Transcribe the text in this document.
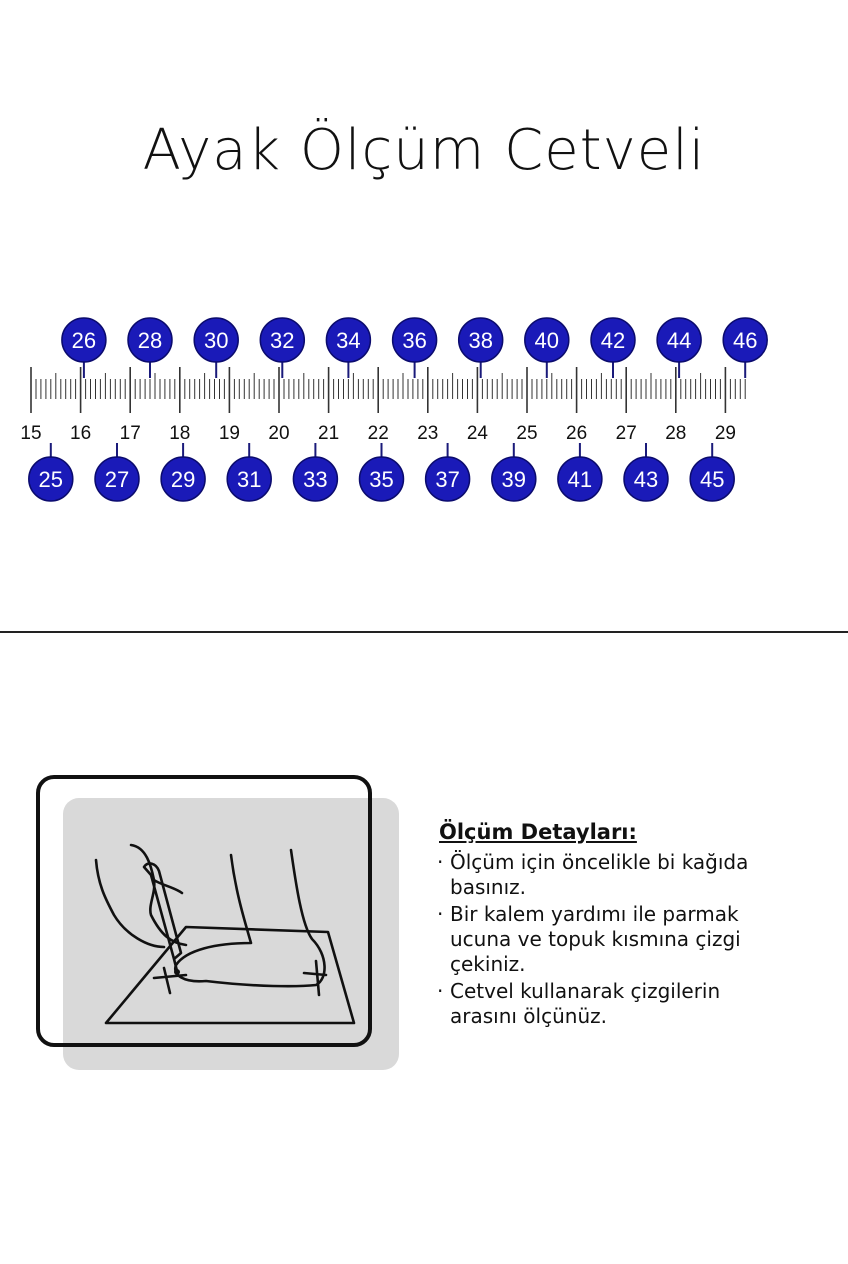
Ayak Ölçüm Cetveli
15 16 17 18 19 20 21 22 23 24 25 26 27 28 29
26 28 30 32 34 36 38 40 42 44 46
25 27 29 31 33 35 37 39 41 43 45
Ölçüm Detayları:
· Ölçüm için öncelikle bi kağıda
basınız.
· Bir kalem yardımı ile parmak
ucuna ve topuk kısmına çizgi
çekiniz.
· Cetvel kullanarak çizgilerin
arasını ölçünüz.
